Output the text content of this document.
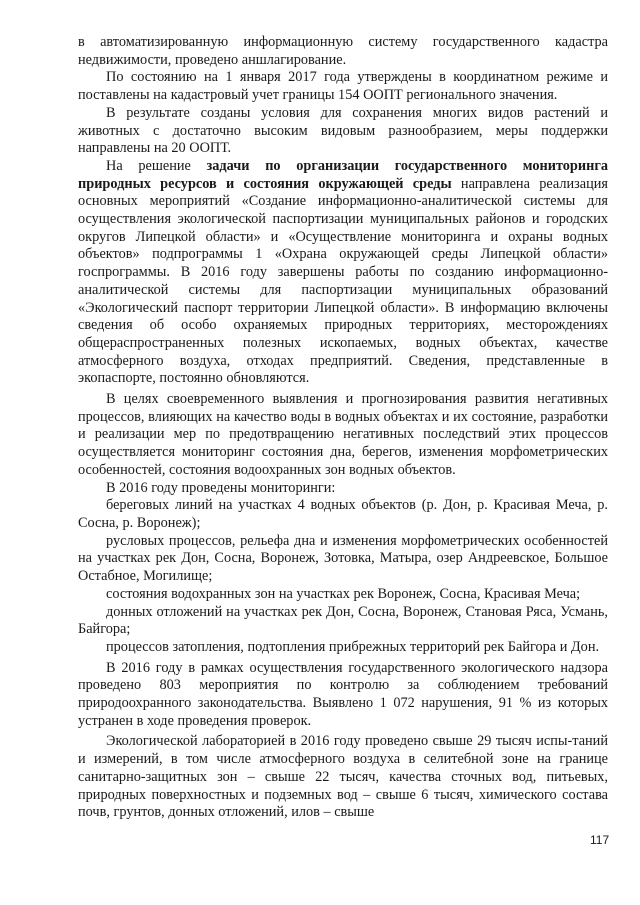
в автоматизированную информационную систему государственного кадастра недвижимости, проведено аншлагирование.

По состоянию на 1 января 2017 года утверждены в координатном режиме и поставлены на кадастровый учет границы 154 ООПТ регионального значения.

В результате созданы условия для сохранения многих видов растений и животных с достаточно высоким видовым разнообразием, меры поддержки направлены на 20 ООПТ.

На решение задачи по организации государственного мониторинга природных ресурсов и состояния окружающей среды направлена реализация основных мероприятий «Создание информационно-аналитической системы для осуществления экологической паспортизации муниципальных районов и городских округов Липецкой области» и «Осуществление мониторинга и охраны водных объектов» подпрограммы 1 «Охрана окружающей среды Липецкой области» госпрограммы. В 2016 году завершены работы по созданию информационно-аналитической системы для паспортизации муниципальных образований «Экологический паспорт территории Липецкой области». В информацию включены сведения об особо охраняемых природных территориях, месторождениях общераспространенных полезных ископаемых, водных объектах, качестве атмосферного воздуха, отходах предприятий. Сведения, представленные в экопаспорте, постоянно обновляются.

В целях своевременного выявления и прогнозирования развития негативных процессов, влияющих на качество воды в водных объектах и их состояние, разработки и реализации мер по предотвращению негативных последствий этих процессов осуществляется мониторинг состояния дна, берегов, изменения морфометрических особенностей, состояния водоохранных зон водных объектов.

В 2016 году проведены мониторинги:

береговых линий на участках 4 водных объектов (р. Дон, р. Красивая Меча, р. Сосна, р. Воронеж);

русловых процессов, рельефа дна и изменения морфометрических особенностей на участках рек Дон, Сосна, Воронеж, Зотовка, Матыра, озер Андреевское, Большое Остабное, Могилище;

состояния водохранных зон на участках рек Воронеж, Сосна, Красивая Меча;

донных отложений на участках рек Дон, Сосна, Воронеж, Становая Ряса, Усмань, Байгора;

процессов затопления, подтопления прибрежных территорий рек Байгора и Дон.

В 2016 году в рамках осуществления государственного экологического надзора проведено 803 мероприятия по контролю за соблюдением требований природоохранного законодательства. Выявлено 1 072 нарушения, 91 % из которых устранен в ходе проведения проверок.

Экологической лабораторией в 2016 году проведено свыше 29 тысяч испы-таний и измерений, в том числе атмосферного воздуха в селитебной зоне на границе санитарно-защитных зон – свыше 22 тысяч, качества сточных вод, питьевых, природных поверхностных и подземных вод – свыше 6 тысяч, химического состава почв, грунтов, донных отложений, илов – свыше

117
